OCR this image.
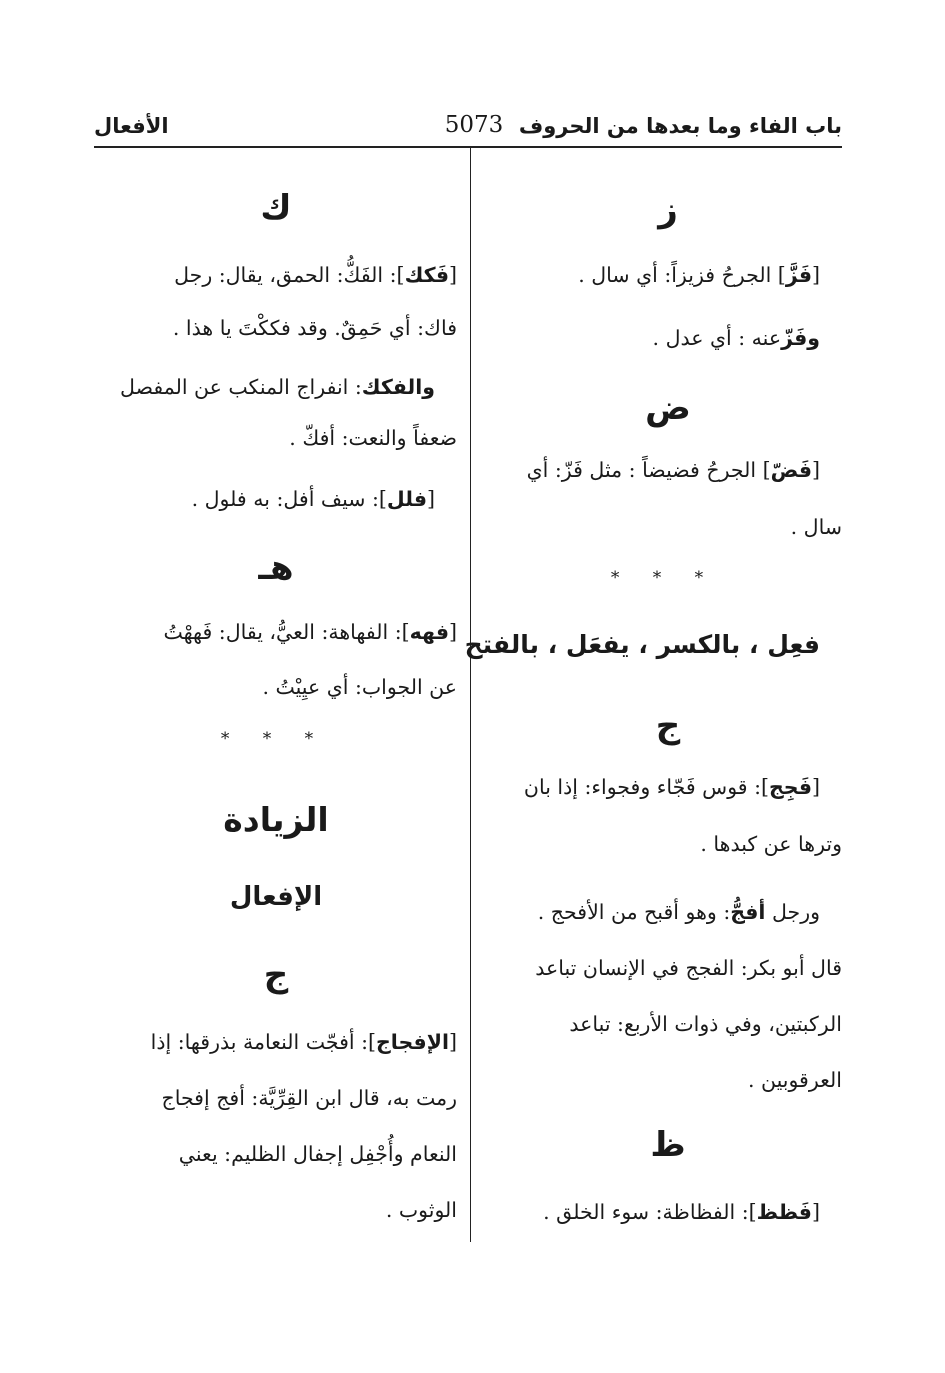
باب الفاء وما بعدها من الحروف
5073
الأفعال
ز
[فَزَّ] الجرحُ فزيزاً: أي سال .
وفَزّعنه : أي عدل .
ض
[فَضّ] الجرحُ فضيضاً : مثل فَزّ: أي
سال .
* * *
فعِل ، بالكسر ، يفعَل ، بالفتح
ج
[فَجِج]: قوس فَجّاء وفجواء: إذا بان
وترها عن كبدها .
ورجل أفجُّ: وهو أقبح من الأفحج .
قال أبو بكر: الفجج في الإنسان تباعد
الركبتين، وفي ذوات الأربع: تباعد
العرقوبين .
ظ
[فَظظ]: الفظاظة: سوء الخلق .
ك
[فَكك]: الفَكُّ: الحمق، يقال: رجل
فاك: أي حَمِقٌ. وقد فككْتَ يا هذا .
والفكك: انفراج المنكب عن المفصل
ضعفاً والنعت: أفكّ .
[فلل]: سيف أفل: به فلول .
هـ
[فهه]: الفهاهة: العيُّ، يقال: فَههْتُ
عن الجواب: أي عيِيْتُ .
* * *
الزيادة
الإفعال
ج
[الإفجاج]: أفجّت النعامة بذرقها: إذا
رمت به، قال ابن القِرِّيَّة: أفج إفجاج
النعام وأُجْفِل إجفال الظليم: يعني
الوثوب .
